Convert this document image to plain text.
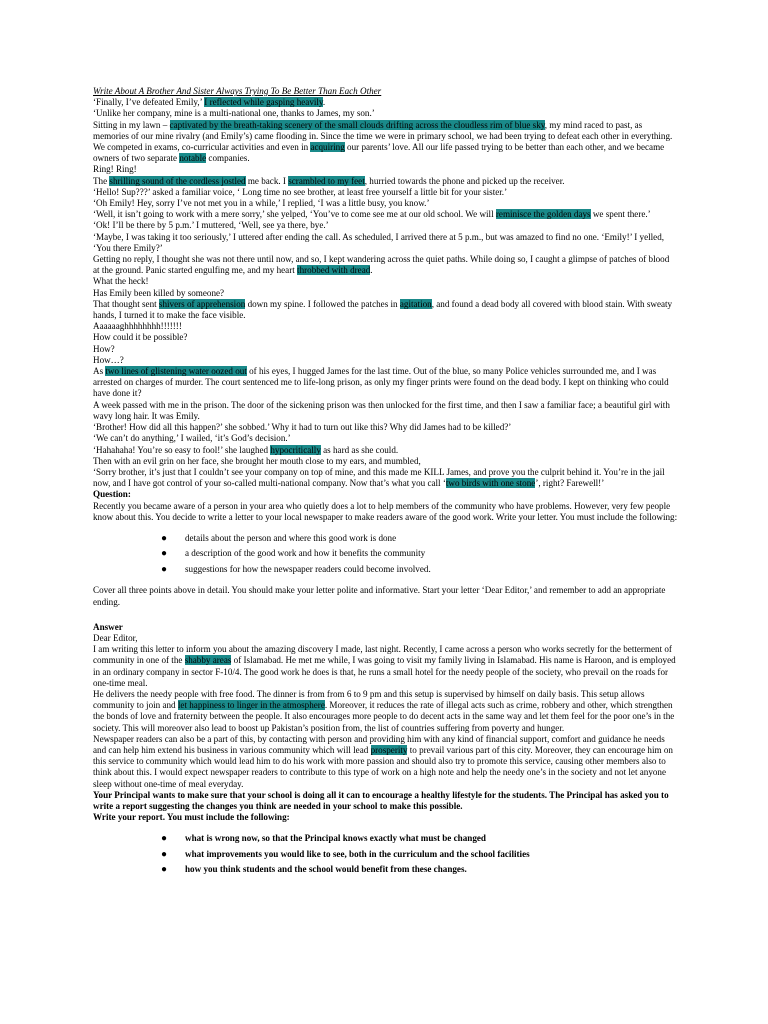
Write About A Brother And Sister Always Trying To Be Better Than Each Other

‘Finally, I’ve defeated Emily,’ I reflected while gasping heavily.

‘Unlike her company, mine is a multi-national one, thanks to James, my son.’

Sitting in my lawn – captivated by the breath-taking scenery of the small clouds drifting across the cloudless rim of blue sky, my mind raced to past, as memories of our mine rivalry (and Emily’s) came flooding in. Since the time we were in primary school, we had been trying to defeat each other in everything. We competed in exams, co-curricular activities and even in acquiring our parents’ love. All our life passed trying to be better than each other, and we became owners of two separate notable companies.

Ring! Ring!

The shrilling sound of the cordless jostled me back. I scrambled to my feet, hurried towards the phone and picked up the receiver.

‘Hello! Sup???’ asked a familiar voice, ‘ Long time no see brother, at least free yourself a little bit for your sister.’

‘Oh Emily! Hey, sorry I’ve not met you in a while,’ I replied, ‘I was a little busy, you know.’

‘Well, it isn’t going to work with a mere sorry,’ she yelped, ‘You’ve to come see me at our old school. We will reminisce the golden days we spent there.’

‘Ok! I’ll be there by 5 p.m.’ I muttered, ‘Well, see ya there, bye.’

‘Maybe, I was taking it too seriously,’ I uttered after ending the call. As scheduled, I arrived there at 5 p.m., but was amazed to find no one. ‘Emily!’ I yelled, ‘You there Emily?’

Getting no reply, I thought she was not there until now, and so, I kept wandering across the quiet paths. While doing so, I caught a glimpse of patches of blood at the ground. Panic started engulfing me, and my heart throbbed with dread.

What the heck!

Has Emily been killed by someone?

That thought sent shivers of apprehension down my spine. I followed the patches in agitation, and found a dead body all covered with blood stain. With sweaty hands, I turned it to make the face visible.

Aaaaaaghhhhhhhh!!!!!!!

How could it be possible?

How?

How…?

As two lines of glistening water oozed out of his eyes, I hugged James for the last time. Out of the blue, so many Police vehicles surrounded me, and I was arrested on charges of murder. The court sentenced me to life-long prison, as only my finger prints were found on the dead body. I kept on thinking who could have done it?

A week passed with me in the prison. The door of the sickening prison was then unlocked for the first time, and then I saw a familiar face; a beautiful girl with wavy long hair. It was Emily.

‘Brother! How did all this happen?’ she sobbed.’ Why it had to turn out like this? Why did James had to be killed?’

‘We can’t do anything,’ I wailed, ‘it’s God’s decision.’

‘Hahahaha! You’re so easy to fool!’ she laughed hypocritically as hard as she could.

Then with an evil grin on her face, she brought her mouth close to my ears, and mumbled,

‘Sorry brother, it’s just that I couldn’t see your company on top of mine, and this made me KILL James, and prove you the culprit behind it. You’re in the jail now, and I have got control of your so-called multi-national company. Now that’s what you call ‘two birds with one stone’, right? Farewell!’

Question:

Recently you became aware of a person in your area who quietly does a lot to help members of the community who have problems. However, very few people know about this. You decide to write a letter to your local newspaper to make readers aware of the good work. Write your letter. You must include the following:

● details about the person and where this good work is done
● a description of the good work and how it benefits the community
● suggestions for how the newspaper readers could become involved.

Cover all three points above in detail. You should make your letter polite and informative. Start your letter ‘Dear Editor,’ and remember to add an appropriate ending.

Answer

Dear Editor,

I am writing this letter to inform you about the amazing discovery I made, last night. Recently, I came across a person who works secretly for the betterment of community in one of the shabby areas of Islamabad. He met me while, I was going to visit my family living in Islamabad. His name is Haroon, and is employed in an ordinary company in sector F-10/4. The good work he does is that, he runs a small hotel for the needy people of the society, who prevail on the roads for one-time meal.

He delivers the needy people with free food. The dinner is from from 6 to 9 pm and this setup is supervised by himself on daily basis. This setup allows community to join and let happiness to linger in the atmosphere. Moreover, it reduces the rate of illegal acts such as crime, robbery and other, which strengthen the bonds of love and fraternity between the people. It also encourages more people to do decent acts in the same way and let them feel for the poor one’s in the society. This will moreover also lead to boost up Pakistan’s position from, the list of countries suffering from poverty and hunger.

Newspaper readers can also be a part of this, by contacting with person and providing him with any kind of financial support, comfort and guidance he needs and can help him extend his business in various community which will lead prosperity to prevail various part of this city. Moreover, they can encourage him on this service to community which would lead him to do his work with more passion and should also try to promote this service, causing other members also to think about this. I would expect newspaper readers to contribute to this type of work on a high note and help the needy one’s in the society and not let anyone sleep without one-time of meal everyday.

Your Principal wants to make sure that your school is doing all it can to encourage a healthy lifestyle for the students. The Principal has asked you to write a report suggesting the changes you think are needed in your school to make this possible.

Write your report. You must include the following:

● what is wrong now, so that the Principal knows exactly what must be changed
● what improvements you would like to see, both in the curriculum and the school facilities
● how you think students and the school would benefit from these changes.
